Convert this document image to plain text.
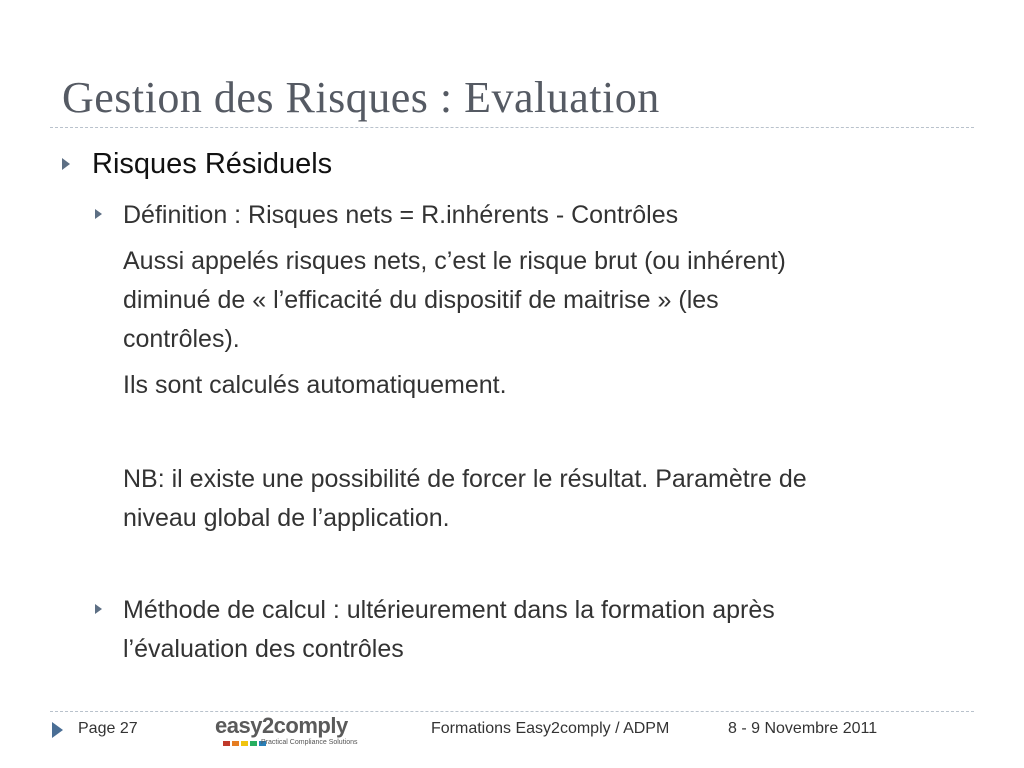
Gestion des Risques : Evaluation
Risques Résiduels
Définition : Risques nets = R.inhérents - Contrôles
Aussi appelés risques nets, c’est le risque brut (ou inhérent)
diminué de « l’efficacité du dispositif de maitrise » (les
contrôles).
Ils sont calculés automatiquement.
NB: il existe une possibilité de forcer le résultat. Paramètre de
niveau global de l’application.
Méthode de calcul : ultérieurement dans la formation après
l’évaluation des contrôles
Page 27	easy2comply
Practical Compliance Solutions
Formations Easy2comply / ADPM	8 - 9 Novembre 2011
